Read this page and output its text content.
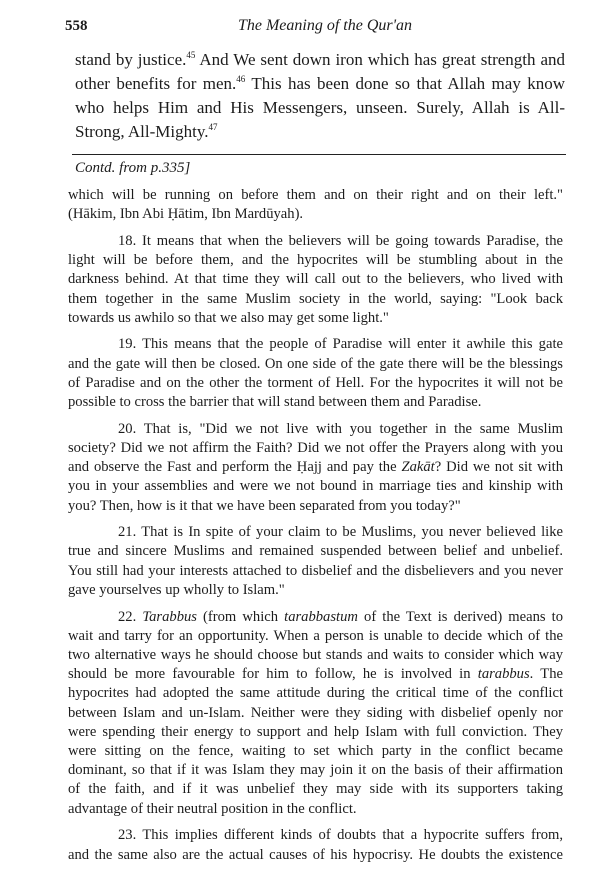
558	The Meaning of the Qur'an
stand by justice.$^{45}$ And We sent down iron which has great strength and
other benefits for men.$^{46}$ This has been done so that Allah may know
who helps Him and His Messengers, unseen. Surely, Allah is All-
Strong, All-Mighty.$^{47}$
Contd. from p.335]
which will be running on before them and on their right and on their left."
(Hākim, Ibn Abi Ḥātim, Ibn Mardūyah).
18. It means that when the believers will be going towards Paradise, the
light will be before them, and the hypocrites will be stumbling about in the
darkness behind. At that time they will call out to the believers, who lived with
them together in the same Muslim society in the world, saying: "Look back
towards us awhilo so that we also may get some light."
19. This means that the people of Paradise will enter it awhile this gate
and the gate will then be closed. On one side of the gate there will be the blessings
of Paradise and on the other the torment of Hell. For the hypocrites it will not be
possible to cross the barrier that will stand between them and Paradise.
20. That is, "Did we not live with you together in the same Muslim
society? Did we not affirm the Faith? Did we not offer the Prayers along with you
and observe the Fast and perform the Ḥajj and pay the Zakāt? Did we not sit with
you in your assemblies and were we not bound in marriage ties and kinship with
you? Then, how is it that we have been separated from you today?"
21. That is In spite of your claim to be Muslims, you never believed like
true and sincere Muslims and remained suspended between belief and unbelief.
You still had your interests attached to disbelief and the disbelievers and you never
gave yourselves up wholly to Islam."
22. Tarabbus (from which tarabbastum of the Text is derived) means to
wait and tarry for an opportunity. When a person is unable to decide which of the
two alternative ways he should choose but stands and waits to consider which way
should be more favourable for him to follow, he is involved in tarabbus. The
hypocrites had adopted the same attitude during the critical time of the conflict
between Islam and un-Islam. Neither were they siding with disbelief openly nor
were spending their energy to support and help Islam with full conviction. They
were sitting on the fence, waiting to set which party in the conflict became
dominant, so that if it was Islam they may join it on the basis of their affirmation
of the faith, and if it was unbelief they may side with its supporters taking
advantage of their neutral position in the conflict.
23. This implies different kinds of doubts that a hypocrite suffers from,
and the same also are the actual causes of his hypocrisy. He doubts the existence
